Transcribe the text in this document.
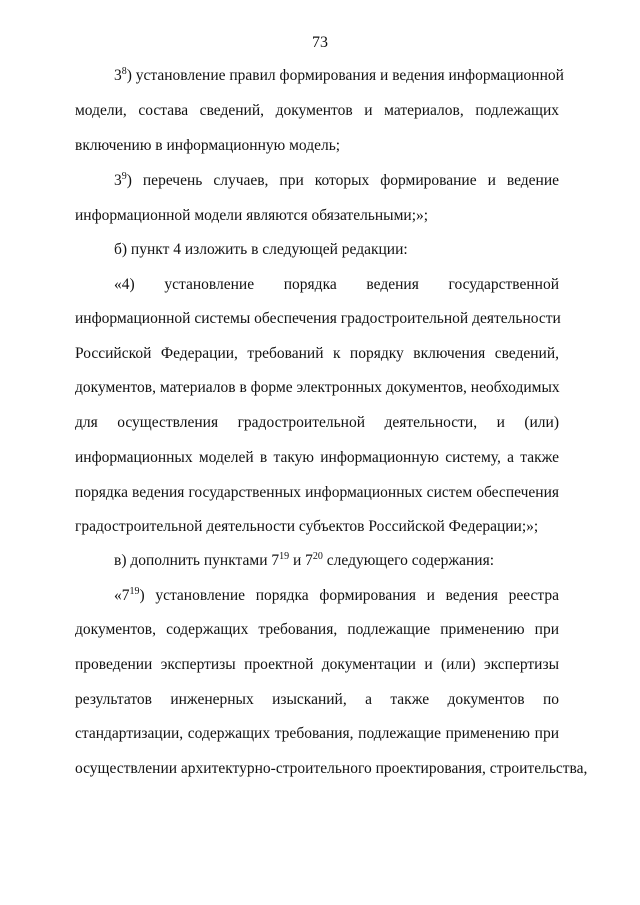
73
$3^8$) установление правил формирования и ведения информационной
модели, состава сведений, документов и материалов, подлежащих
включению в информационную модель;
$3^9$) перечень случаев, при которых формирование и ведение
информационной модели являются обязательными;»;
б) пункт 4 изложить в следующей редакции:
«4) установление порядка ведения государственной
информационной системы обеспечения градостроительной деятельности
Российской Федерации, требований к порядку включения сведений,
документов, материалов в форме электронных документов, необходимых
для осуществления градостроительной деятельности, и (или)
информационных моделей в такую информационную систему, а также
порядка ведения государственных информационных систем обеспечения
градостроительной деятельности субъектов Российской Федерации;»;
в) дополнить пунктами $7^{19}$ и $7^{20}$ следующего содержания:
«$7^{19}$) установление порядка формирования и ведения реестра
документов, содержащих требования, подлежащие применению при
проведении экспертизы проектной документации и (или) экспертизы
результатов инженерных изысканий, а также документов по
стандартизации, содержащих требования, подлежащие применению при
осуществлении архитектурно-строительного проектирования, строительства,
